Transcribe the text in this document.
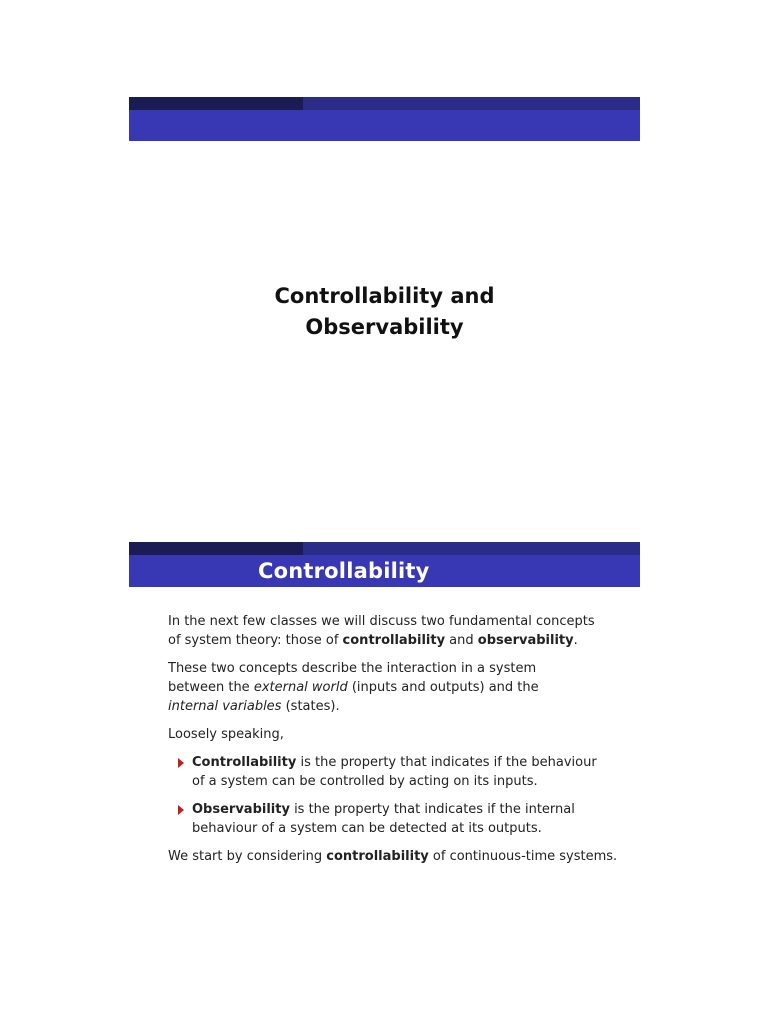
Controllability and
Observability
Controllability
In the next few classes we will discuss two fundamental concepts
of system theory: those of controllability and observability.
These two concepts describe the interaction in a system
between the external world (inputs and outputs) and the
internal variables (states).
Loosely speaking,
Controllability is the property that indicates if the behaviour
of a system can be controlled by acting on its inputs.
Observability is the property that indicates if the internal
behaviour of a system can be detected at its outputs.
We start by considering controllability of continuous-time systems.
